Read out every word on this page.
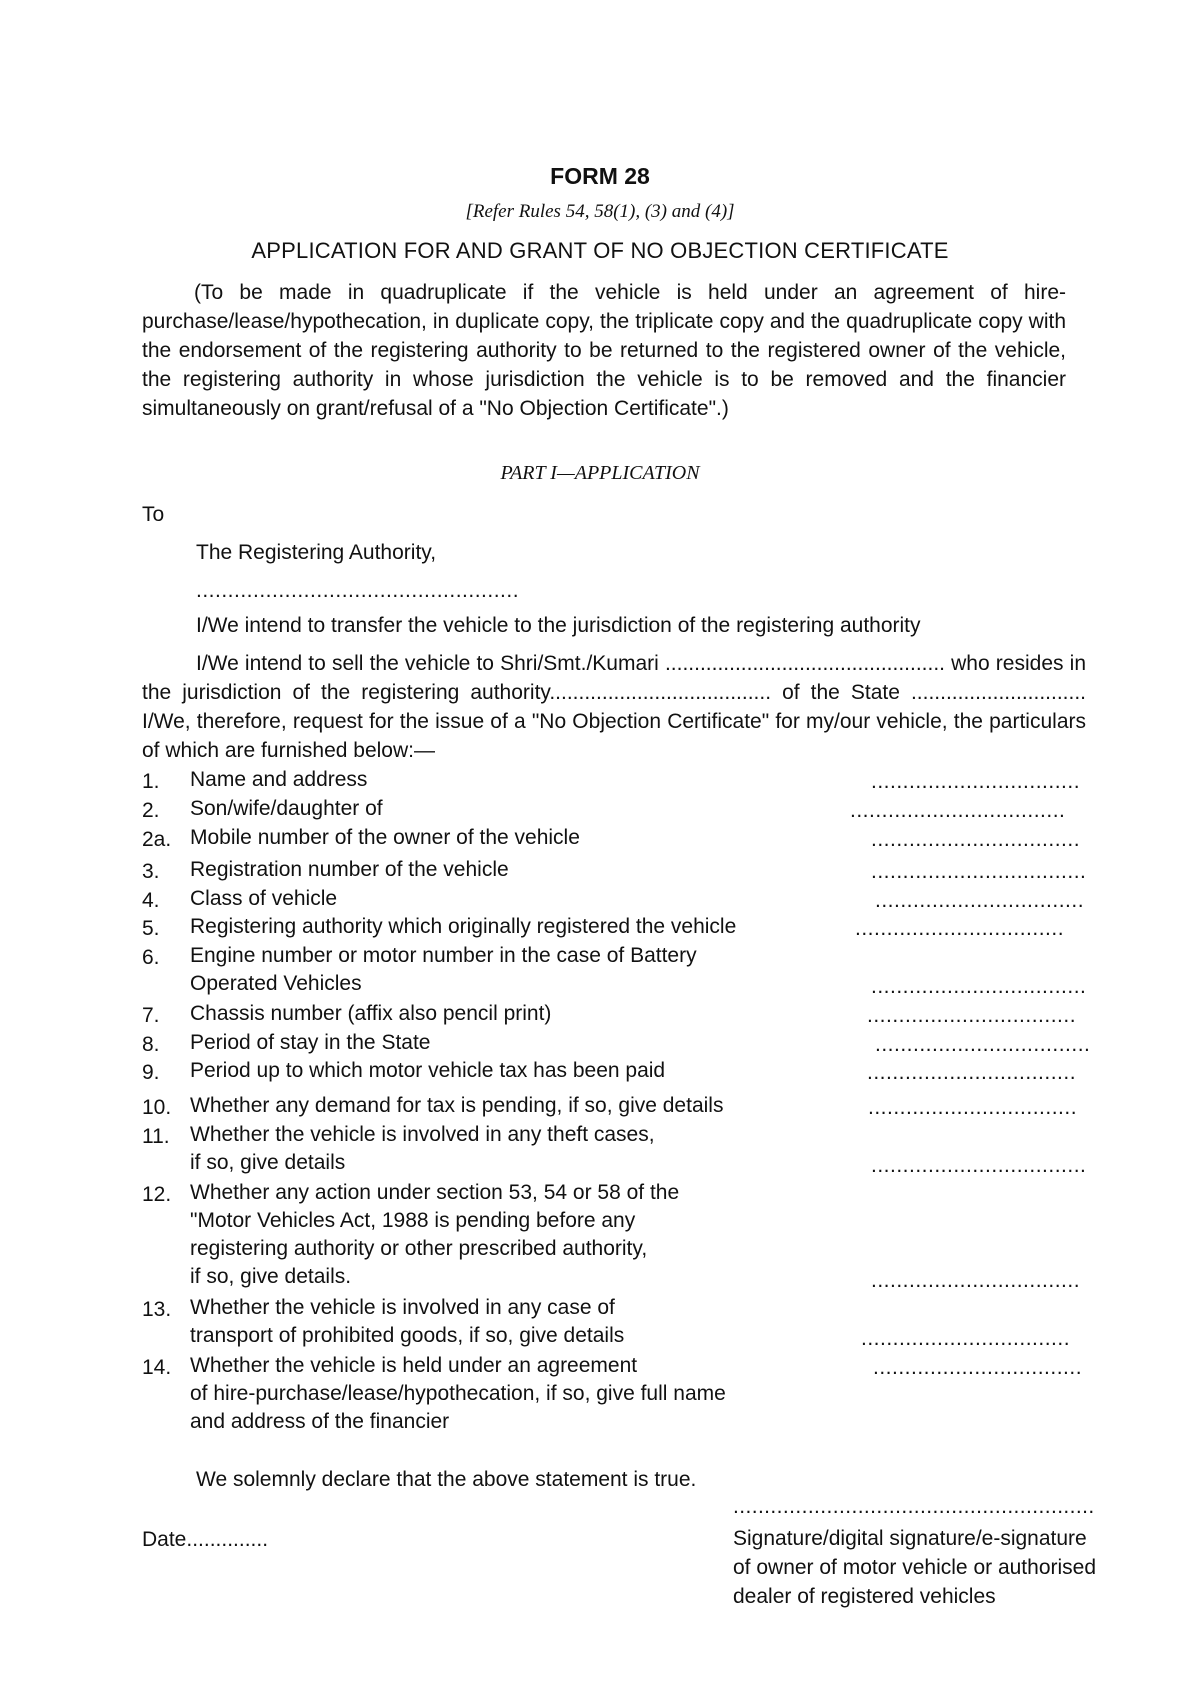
FORM 28
[Refer Rules 54, 58(1), (3) and (4)]
APPLICATION FOR AND GRANT OF NO OBJECTION CERTIFICATE
(To be made in quadruplicate if the vehicle is held under an agreement of hire-purchase/lease/hypothecation, in duplicate copy, the triplicate copy and the quadruplicate copy with the endorsement of the registering authority to be returned to the registered owner of the vehicle, the registering authority in whose jurisdiction the vehicle is to be removed and the financier simultaneously on grant/refusal of a "No Objection Certificate".)
PART I—APPLICATION
To
The Registering Authority,
...................................................
I/We intend to transfer the vehicle to the jurisdiction of the registering authority
I/We intend to sell the vehicle to Shri/Smt./Kumari ................................................ who resides in the jurisdiction of the registering authority...................................... of the State .............................. I/We, therefore, request for the issue of a "No Objection Certificate" for my/our vehicle, the particulars of which are furnished below:—
1. Name and address	.................................
2. Son/wife/daughter of	..................................
2a. Mobile number of the owner of the vehicle	.................................
3. Registration number of the vehicle	..................................
4. Class of vehicle	.................................
5. Registering authority which originally registered the vehicle	.................................
6. Engine number or motor number in the case of Battery
Operated Vehicles	..................................
7. Chassis number (affix also pencil print)	.................................
8. Period of stay in the State	..................................
9. Period up to which motor vehicle tax has been paid	.................................
10. Whether any demand for tax is pending, if so, give details	.................................
11. Whether the vehicle is involved in any theft cases,
if so, give details	..................................
12. Whether any action under section 53, 54 or 58 of the
"Motor Vehicles Act, 1988 is pending before any
registering authority or other prescribed authority,
if so, give details.	.................................
13. Whether the vehicle is involved in any case of
transport of prohibited goods, if so, give details	.................................
14. Whether the vehicle is held under an agreement
of hire-purchase/lease/hypothecation, if so, give full name
and address of the financier
.................................
We solemnly declare that the above statement is true.
Date..............
..........................................................
Signature/digital signature/e-signature
of owner of motor vehicle or authorised
dealer of registered vehicles
